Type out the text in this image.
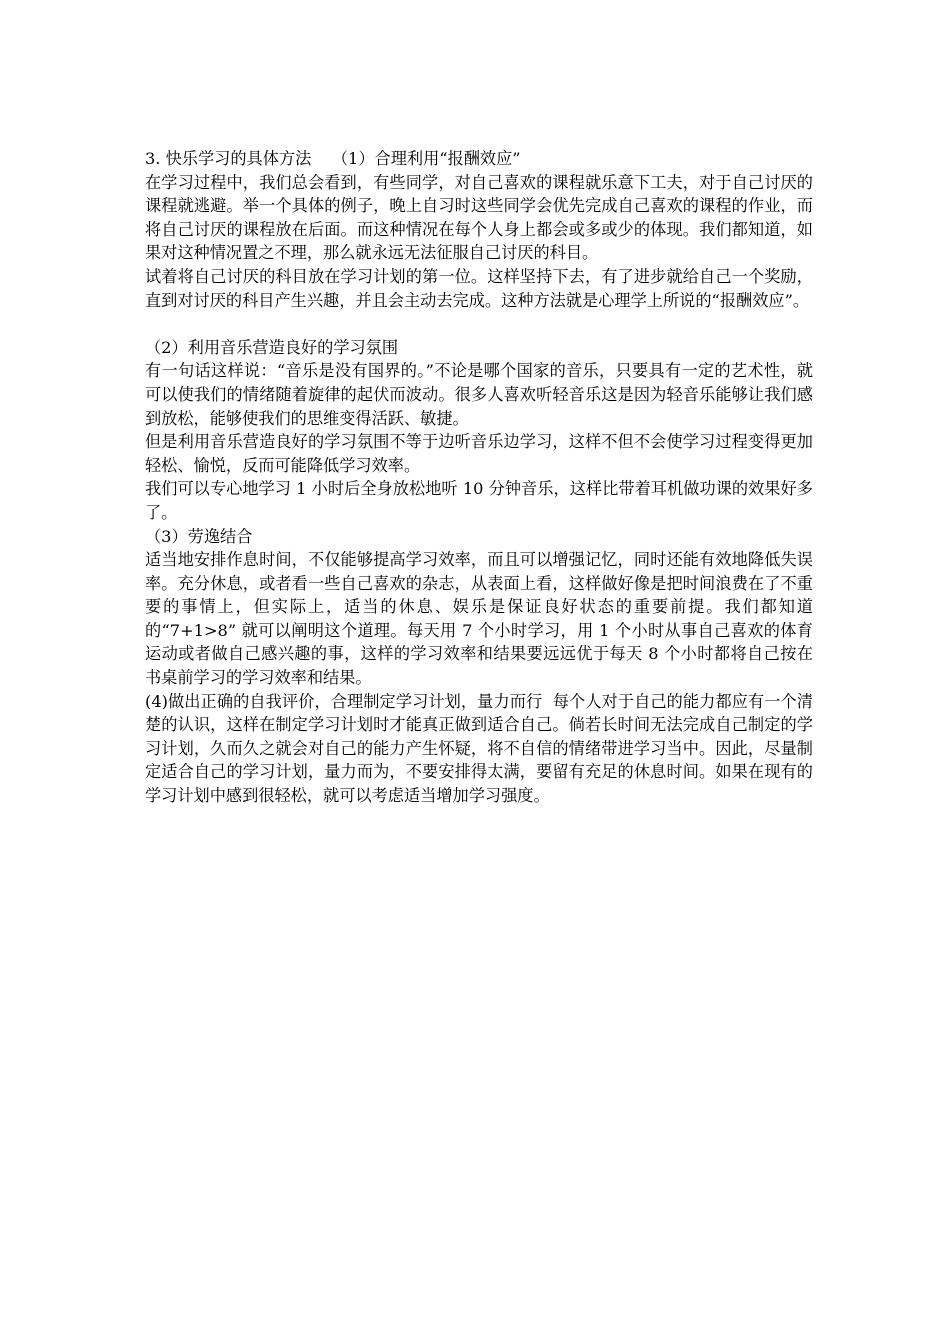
3. 快乐学习的具体方法    （1）合理利用“报酬效应”

在学习过程中，我们总会看到，有些同学，对自己喜欢的课程就乐意下工夫，对于自己讨厌的课程就逃避。举一个具体的例子，晚上自习时这些同学会优先完成自己喜欢的课程的作业，而将自己讨厌的课程放在后面。而这种情况在每个人身上都会或多或少的体现。我们都知道，如果对这种情况置之不理，那么就永远无法征服自己讨厌的科目。

试着将自己讨厌的科目放在学习计划的第一位。这样坚持下去，有了进步就给自己一个奖励，直到对讨厌的科目产生兴趣，并且会主动去完成。这种方法就是心理学上所说的“报酬效应”。

（2）利用音乐营造良好的学习氛围

有一句话这样说：“音乐是没有国界的。”不论是哪个国家的音乐，只要具有一定的艺术性，就可以使我们的情绪随着旋律的起伏而波动。很多人喜欢听轻音乐这是因为轻音乐能够让我们感到放松，能够使我们的思维变得活跃、敏捷。

但是利用音乐营造良好的学习氛围不等于边听音乐边学习，这样不但不会使学习过程变得更加轻松、愉悦，反而可能降低学习效率。

我们可以专心地学习 1 小时后全身放松地听 10 分钟音乐，这样比带着耳机做功课的效果好多了。

（3）劳逸结合

适当地安排作息时间，不仅能够提高学习效率，而且可以增强记忆，同时还能有效地降低失误率。充分休息，或者看一些自己喜欢的杂志，从表面上看，这样做好像是把时间浪费在了不重要的事情上，但实际上，适当的休息、娱乐是保证良好状态的重要前提。我们都知道的“7+1>8” 就可以阐明这个道理。每天用 7 个小时学习，用 1 个小时从事自己喜欢的体育运动或者做自己感兴趣的事，这样的学习效率和结果要远远优于每天 8 个小时都将自己按在书桌前学习的学习效率和结果。

(4)做出正确的自我评价，合理制定学习计划，量力而行  每个人对于自己的能力都应有一个清楚的认识，这样在制定学习计划时才能真正做到适合自己。倘若长时间无法完成自己制定的学习计划，久而久之就会对自己的能力产生怀疑，将不自信的情绪带进学习当中。因此，尽量制定适合自己的学习计划，量力而为，不要安排得太满，要留有充足的休息时间。如果在现有的学习计划中感到很轻松，就可以考虑适当增加学习强度。
